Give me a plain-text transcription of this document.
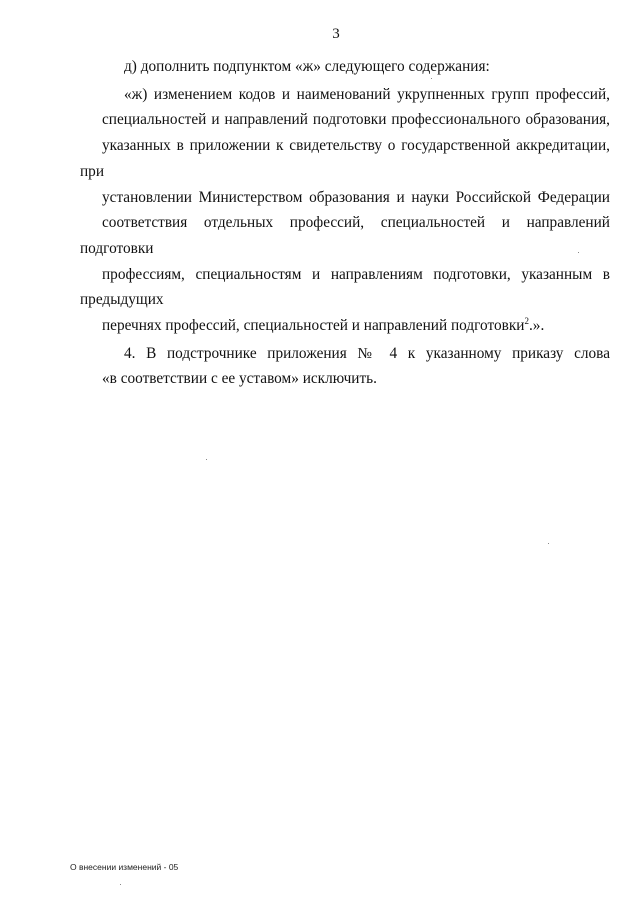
3
д) дополнить подпунктом «ж» следующего содержания:
«ж) изменением кодов и наименований укрупненных групп профессий,
специальностей и направлений подготовки профессионального образования,
указанных в приложении к свидетельству о государственной аккредитации, при
установлении Министерством образования и науки Российской Федерации
соответствия отдельных профессий, специальностей и направлений подготовки
профессиям, специальностям и направлениям подготовки, указанным в предыдущих
перечнях профессий, специальностей и направлений подготовки$^2$.».
4. В подстрочнике приложения № 4 к указанному приказу слова
«в соответствии с ее уставом» исключить.
О внесении изменений - 05
